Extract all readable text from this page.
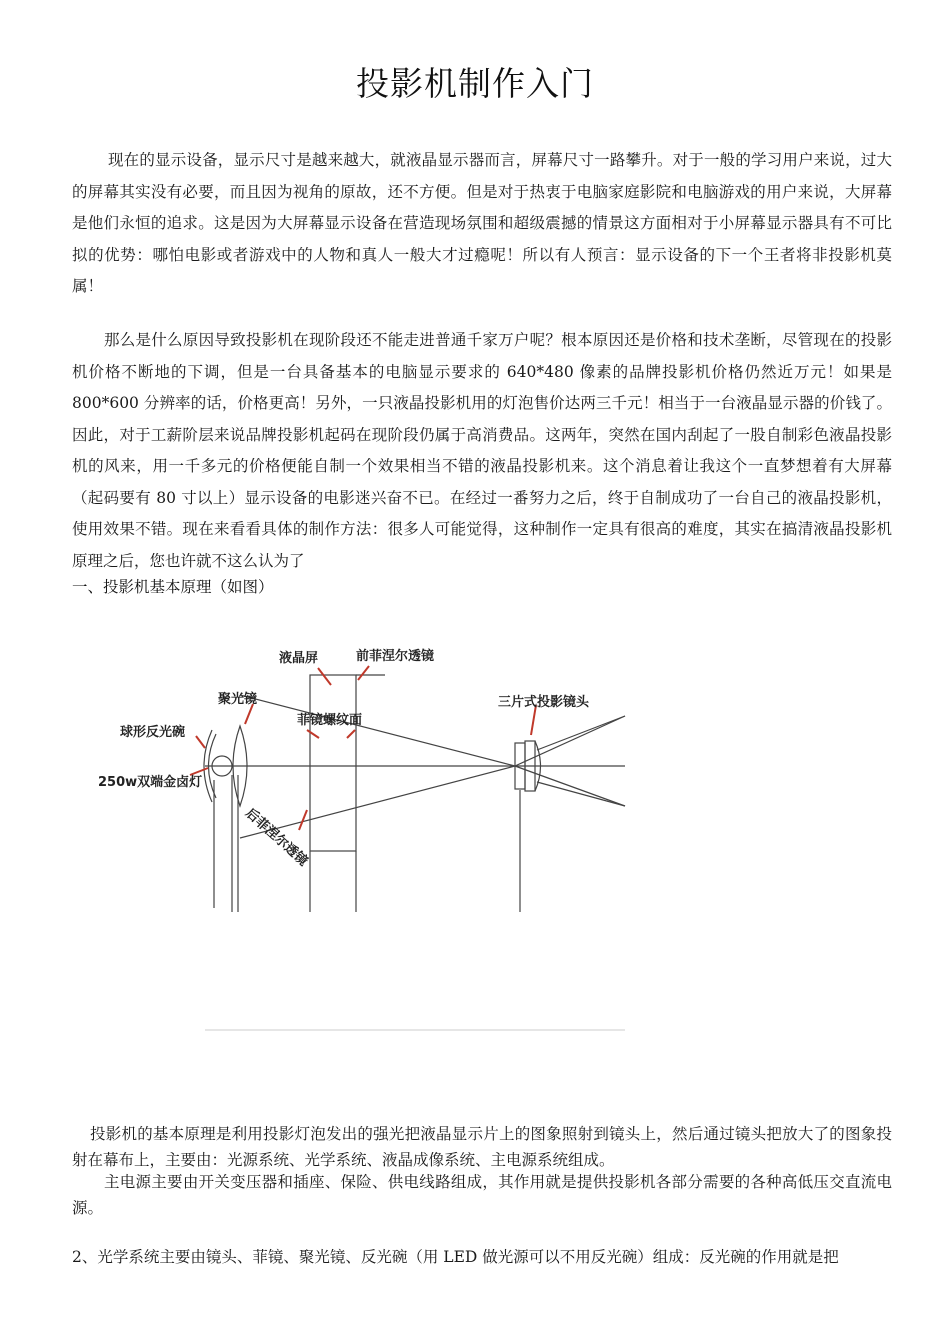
投影机制作入门
现在的显示设备，显示尺寸是越来越大，就液晶显示器而言，屏幕尺寸一路攀升。对于一般的学习用户来说，过大的屏幕其实没有必要，而且因为视角的原故，还不方便。但是对于热衷于电脑家庭影院和电脑游戏的用户来说，大屏幕是他们永恒的追求。这是因为大屏幕显示设备在营造现场氛围和超级震撼的情景这方面相对于小屏幕显示器具有不可比拟的优势：哪怕电影或者游戏中的人物和真人一般大才过瘾呢！所以有人预言：显示设备的下一个王者将非投影机莫属！
那么是什么原因导致投影机在现阶段还不能走进普通千家万户呢？根本原因还是价格和技术垄断，尽管现在的投影机价格不断地的下调，但是一台具备基本的电脑显示要求的 640*480 像素的品牌投影机价格仍然近万元！如果是 800*600 分辨率的话，价格更高！另外，一只液晶投影机用的灯泡售价达两三千元！相当于一台液晶显示器的价钱了。因此，对于工薪阶层来说品牌投影机起码在现阶段仍属于高消费品。这两年，突然在国内刮起了一股自制彩色液晶投影机的风来，用一千多元的价格便能自制一个效果相当不错的液晶投影机来。这个消息着让我这个一直梦想着有大屏幕（起码要有 80 寸以上）显示设备的电影迷兴奋不已。在经过一番努力之后，终于自制成功了一台自己的液晶投影机，使用效果不错。现在来看看具体的制作方法：很多人可能觉得，这种制作一定具有很高的难度，其实在搞清液晶投影机原理之后，您也许就不这么认为了
一、投影机基本原理（如图）
液晶屏	前菲涅尔透镜
聚光镜
菲镜螺纹面
三片式投影镜头
球形反光碗
250w双端金卤灯
后菲涅尔透镜
投影机的基本原理是利用投影灯泡发出的强光把液晶显示片上的图象照射到镜头上，然后通过镜头把放大了的图象投射在幕布上，主要由：光源系统、光学系统、液晶成像系统、主电源系统组成。
主电源主要由开关变压器和插座、保险、供电线路组成，其作用就是提供投影机各部分需要的各种高低压交直流电源。
2、光学系统主要由镜头、菲镜、聚光镜、反光碗（用 LED 做光源可以不用反光碗）组成：反光碗的作用就是把
